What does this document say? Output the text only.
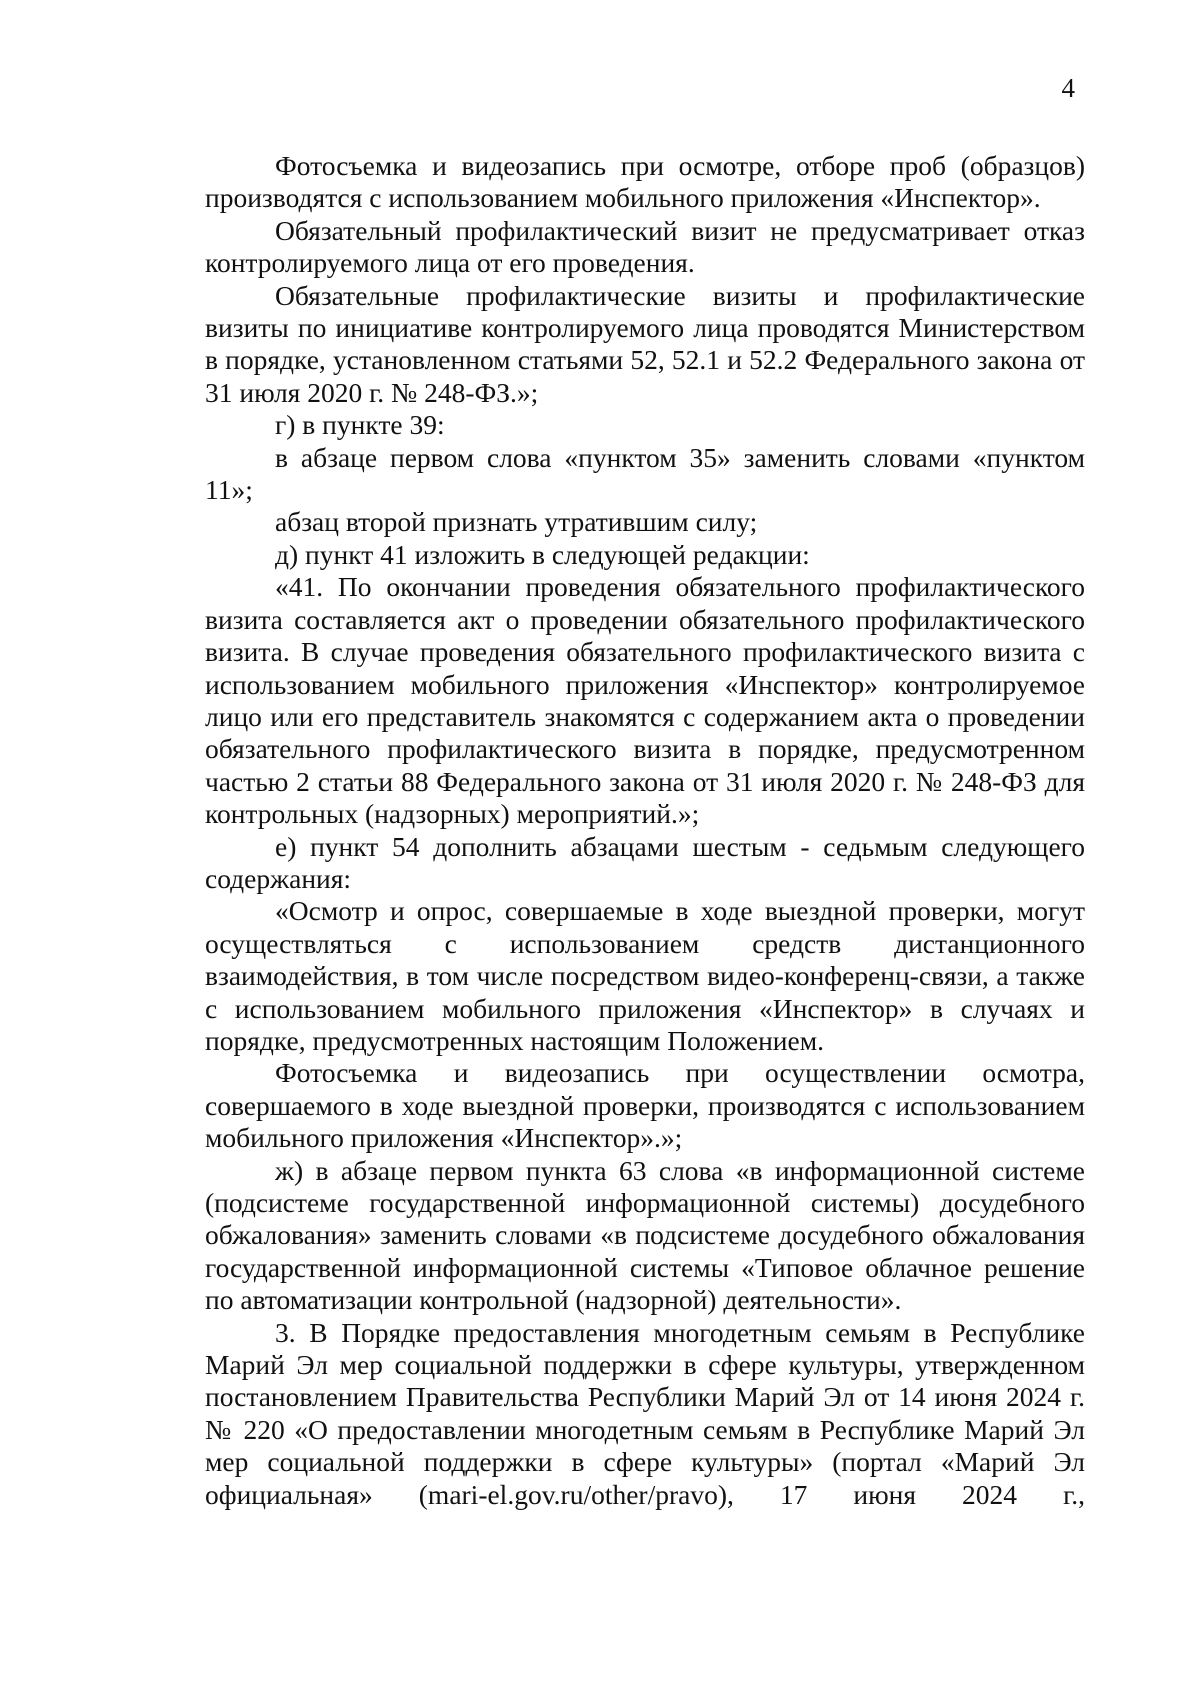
4

Фотосъемка и видеозапись при осмотре, отборе проб (образцов) производятся с использованием мобильного приложения «Инспектор».

Обязательный профилактический визит не предусматривает отказ контролируемого лица от его проведения.

Обязательные профилактические визиты и профилактические визиты по инициативе контролируемого лица проводятся Министерством в порядке, установленном статьями 52, 52.1 и 52.2 Федерального закона от 31 июля 2020 г. № 248-ФЗ.»;

г) в пункте 39:

в абзаце первом слова «пунктом 35» заменить словами «пунктом 11»;

абзац второй признать утратившим силу;

д) пункт 41 изложить в следующей редакции:

«41. По окончании проведения обязательного профилактического визита составляется акт о проведении обязательного профилактического визита. В случае проведения обязательного профилактического визита с использованием мобильного приложения «Инспектор» контролируемое лицо или его представитель знакомятся с содержанием акта о проведении обязательного профилактического визита в порядке, предусмотренном частью 2 статьи 88 Федерального закона от 31 июля 2020 г. № 248-ФЗ для контрольных (надзорных) мероприятий.»;

е) пункт 54 дополнить абзацами шестым - седьмым следующего содержания:

«Осмотр и опрос, совершаемые в ходе выездной проверки, могут осуществляться с использованием средств дистанционного взаимодействия, в том числе посредством видео-конференц-связи, а также с использованием мобильного приложения «Инспектор» в случаях и порядке, предусмотренных настоящим Положением.

Фотосъемка и видеозапись при осуществлении осмотра, совершаемого в ходе выездной проверки, производятся с использованием мобильного приложения «Инспектор».»;

ж) в абзаце первом пункта 63 слова «в информационной системе (подсистеме государственной информационной системы) досудебного обжалования» заменить словами «в подсистеме досудебного обжалования государственной информационной системы «Типовое облачное решение по автоматизации контрольной (надзорной) деятельности».

3. В Порядке предоставления многодетным семьям в Республике Марий Эл мер социальной поддержки в сфере культуры, утвержденном постановлением Правительства Республики Марий Эл от 14 июня 2024 г. № 220 «О предоставлении многодетным семьям в Республике Марий Эл мер социальной поддержки в сфере культуры» (портал «Марий Эл официальная» (mari-el.gov.ru/other/pravo), 17 июня 2024 г.,
